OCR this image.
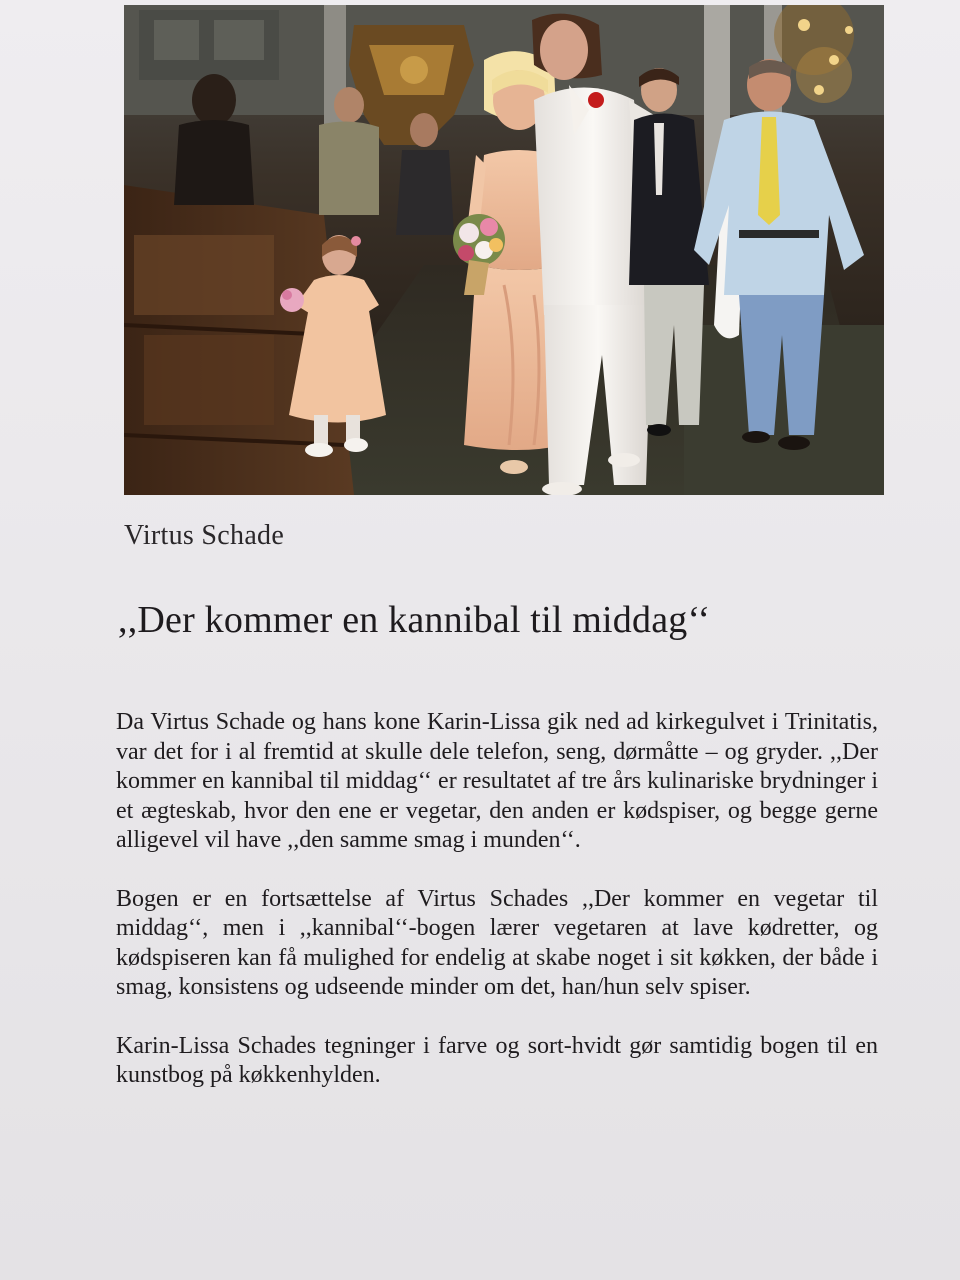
Virtus Schade
,,Der kommer en kannibal til middag‘‘

Da Virtus Schade og hans kone Karin-Lissa gik ned ad kirkegulvet i Trinitatis, var det for i al fremtid at skulle dele telefon, seng, dørmåtte – og gryder. ,,Der kommer en kannibal til middag‘‘ er resultatet af tre års kulinariske brydninger i et ægteskab, hvor den ene er vegetar, den anden er kødspiser, og begge gerne alligevel vil have ,,den samme smag i munden‘‘.

Bogen er en fortsættelse af Virtus Schades ,,Der kommer en vegetar til middag‘‘, men i ,,kannibal‘‘-bogen lærer vegetaren at lave kødretter, og kødspiseren kan få mulighed for endelig at skabe noget i sit køkken, der både i smag, konsistens og udseende minder om det, han/hun selv spiser.

Karin-Lissa Schades tegninger i farve og sort-hvidt gør samtidig bogen til en kunstbog på køkkenhylden.
